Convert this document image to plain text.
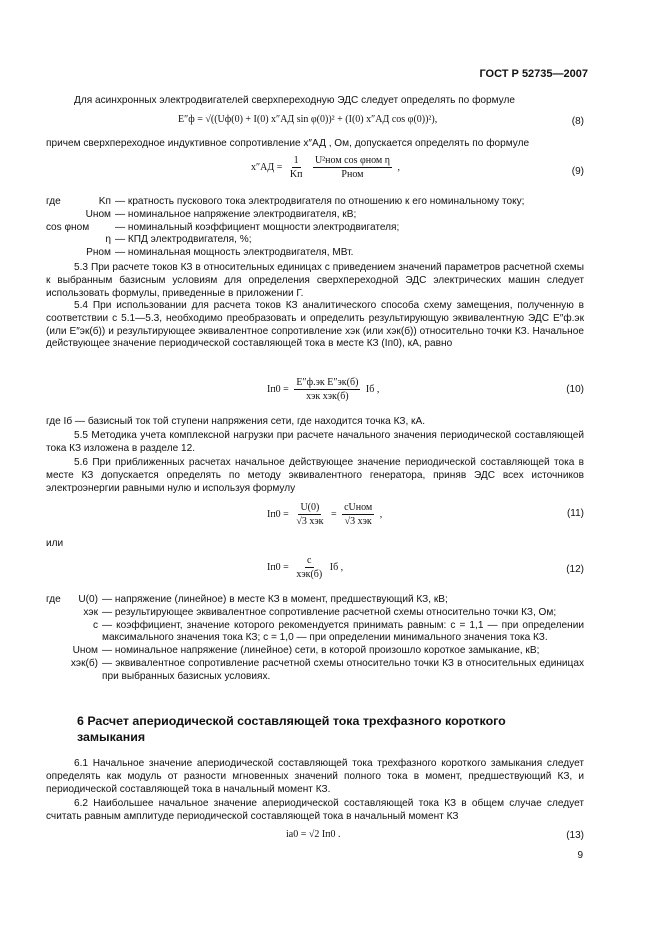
ГОСТ Р 52735—2007

Для асинхронных электродвигателей сверхпереходную ЭДС следует определять по формуле

E″ф = √((Uф(0) + I(0) x″АД sin φ(0))² + (I(0) x″АД cos φ(0))²),	(8)

причем сверхпереходное индуктивное сопротивление x″АД , Ом, допускается определять по формуле

$x''АД = \frac{1}{Kп}$
$\frac{\text{U²ном cos φном η}}{\text{Pном}}$ ,	(9)
где	Kп — кратность пускового тока электродвигателя по отношению к его номинальному току;
Uном — номинальное напряжение электродвигателя, кВ;
cos φном	— номинальный коэффициент мощности электродвигателя;
η — КПД электродвигателя, %;
Pном — номинальная мощность электродвигателя, МВт.

5.3 При расчете токов КЗ в относительных единицах с приведением значений параметров расчетной схемы к выбранным базисным условиям для определения сверхпереходной ЭДС электрических машин следует использовать формулы, приведенные в приложении Г.

5.4 При использовании для расчета токов КЗ аналитического способа схему замещения, полученную в соответствии с 5.1—5.3, необходимо преобразовать и определить результирующую эквивалентную ЭДС E″ф.эк (или E″эк(б)) и результирующее эквивалентное сопротивление xэк (или xэк(б)) относительно точки КЗ. Начальное действующее значение периодической составляющей тока в месте КЗ (Iп0), кА, равно

$Iп0 = \frac{\text{E″ф.эк E″эк(б)}}{\text{xэк xэк(б)}}$ Iб ,	(10)

где Iб — базисный ток той ступени напряжения сети, где находится точка КЗ, кА.

5.5 Методика учета комплексной нагрузки при расчете начального значения периодической составляющей тока КЗ изложена в разделе 12.

5.6 При приближенных расчетах начальное действующее значение периодической составляющей тока в месте КЗ допускается определять по методу эквивалентного генератора, приняв ЭДС всех источников электроэнергии равными нулю и используя формулу

$Iп0 = \frac{U(0)}{\text{√3 xэк}} = \frac{\text{cUном}}{\text{√3 xэк}}$ ,	(11)

или

$Iп0 = \frac{c}{\text{xэк(б)}}$ Iб ,	(12)
где	U(0) — напряжение (линейное) в месте КЗ в момент, предшествующий КЗ, кВ;
xэк — результирующее эквивалентное сопротивление расчетной схемы относительно точки КЗ, Ом;
c — коэффициент, значение которого рекомендуется принимать равным: c = 1,1 — при определении максимального значения тока КЗ; c = 1,0 — при определении минимального значения тока КЗ.
Uном — номинальное напряжение (линейное) сети, в которой произошло короткое замыкание, кВ;
xэк(б) — эквивалентное сопротивление расчетной схемы относительно точки КЗ в относительных единицах при выбранных базисных условиях.
6 Расчет апериодической составляющей тока трехфазного короткого замыкания

6.1 Начальное значение апериодической составляющей тока трехфазного короткого замыкания следует определять как модуль от разности мгновенных значений полного тока в момент, предшествующий КЗ, и периодической составляющей тока в начальный момент КЗ.

6.2 Наибольшее начальное значение апериодической составляющей тока КЗ в общем случае следует считать равным амплитуде периодической составляющей тока в начальный момент КЗ

iа0 = √2 Iп0 .	(13)
9
